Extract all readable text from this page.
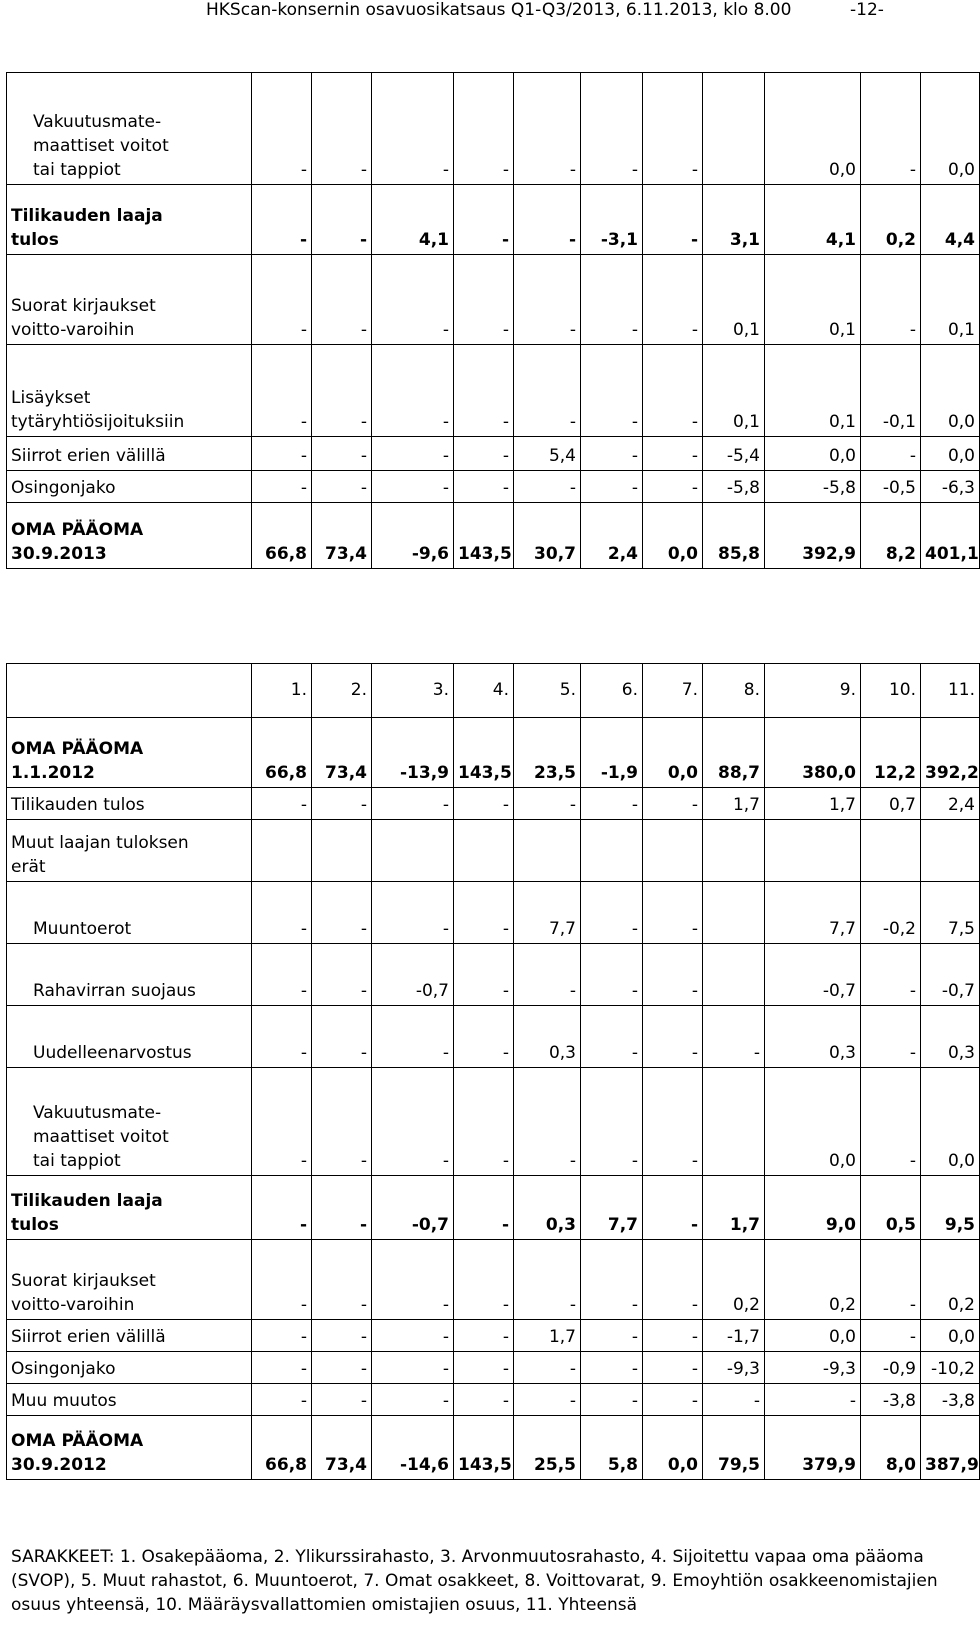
HKScan-konsernin osavuosikatsaus Q1-Q3/2013, 6.11.2013, klo 8.00	-12-
Vakuutusmate-
maattiset voitot
tai tappiot	-	-	-	-	-	-	-		0,0	-	0,0
Tilikauden laaja
tulos	-	-	4,1	-	-	-3,1	-	3,1	4,1	0,2	4,4
Suorat kirjaukset
voitto-varoihin	-	-	-	-	-	-	-	0,1	0,1	-	0,1
Lisäykset
tytäryhtiösijoituksiin	-	-	-	-	-	-	-	0,1	0,1	-0,1	0,0
Siirrot erien välillä	-	-	-	-	5,4	-	-	-5,4	0,0	-	0,0
Osingonjako	-	-	-	-	-	-	-	-5,8	-5,8	-0,5	-6,3
OMA PÄÄOMA
30.9.2013	66,8	73,4	-9,6	143,5	30,7	2,4	0,0	85,8	392,9	8,2	401,1
	1.	2.	3.	4.	5.	6.	7.	8.	9.	10.	11.
OMA PÄÄOMA
1.1.2012	66,8	73,4	-13,9	143,5	23,5	-1,9	0,0	88,7	380,0	12,2	392,2
Tilikauden tulos	-	-	-	-	-	-	-	1,7	1,7	0,7	2,4
Muut laajan tuloksen
erät											
Muuntoerot	-	-	-	-	7,7	-	-		7,7	-0,2	7,5
Rahavirran suojaus	-	-	-0,7	-	-	-	-		-0,7	-	-0,7
Uudelleenarvostus	-	-	-	-	0,3	-	-	-	0,3	-	0,3
Vakuutusmate-
maattiset voitot
tai tappiot	-	-	-	-	-	-	-		0,0	-	0,0
Tilikauden laaja
tulos	-	-	-0,7	-	0,3	7,7	-	1,7	9,0	0,5	9,5
Suorat kirjaukset
voitto-varoihin	-	-	-	-	-	-	-	0,2	0,2	-	0,2
Siirrot erien välillä	-	-	-	-	1,7	-	-	-1,7	0,0	-	0,0
Osingonjako	-	-	-	-	-	-	-	-9,3	-9,3	-0,9	-10,2
Muu muutos	-	-	-	-	-	-	-	-	-	-3,8	-3,8
OMA PÄÄOMA
30.9.2012	66,8	73,4	-14,6	143,5	25,5	5,8	0,0	79,5	379,9	8,0	387,9
SARAKKEET: 1. Osakepääoma, 2. Ylikurssirahasto, 3. Arvonmuutosrahasto, 4. Sijoitettu vapaa oma pääoma (SVOP), 5. Muut rahastot, 6. Muuntoerot, 7. Omat osakkeet, 8. Voittovarat, 9. Emoyhtiön osakkeenomistajien osuus yhteensä, 10. Määräysvallattomien omistajien osuus, 11. Yhteensä
